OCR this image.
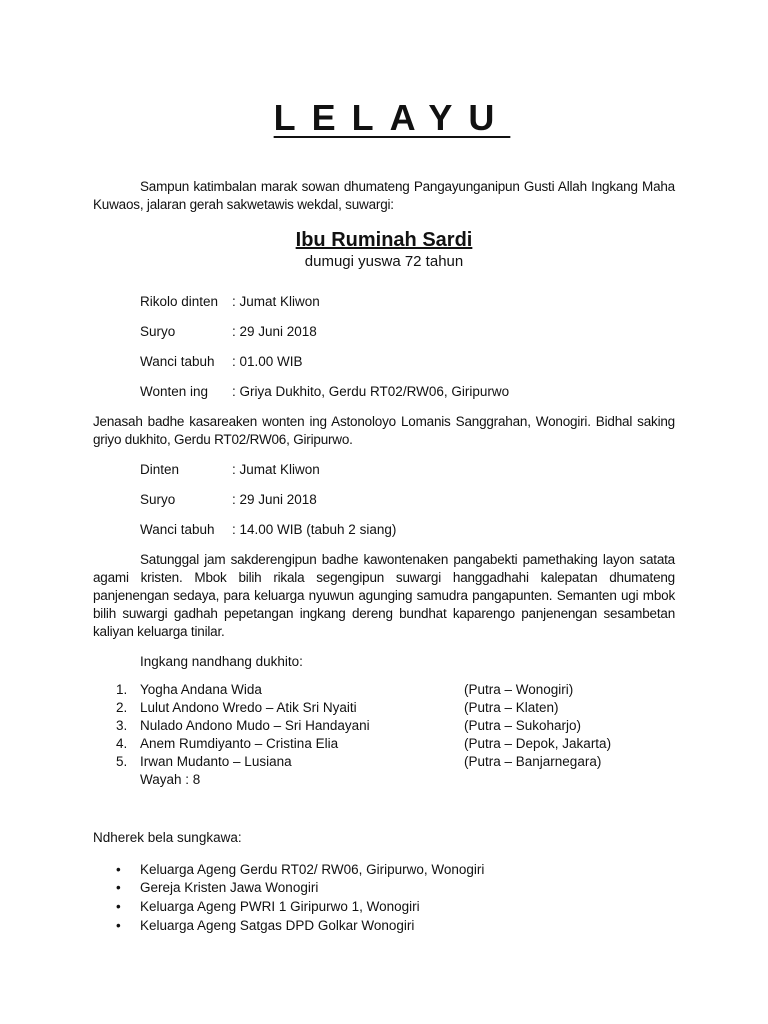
LELAYU
Sampun katimbalan marak sowan dhumateng Pangayunganipun Gusti Allah Ingkang Maha Kuwaos, jalaran gerah sakwetawis wekdal, suwargi:
Ibu Ruminah Sardi
dumugi yuswa 72 tahun
Rikolo dinten : Jumat Kliwon
Suryo	: 29 Juni 2018
Wanci tabuh : 01.00 WIB
Wonten ing : Griya Dukhito, Gerdu RT02/RW06, Giripurwo
Jenasah badhe kasareaken wonten ing Astonoloyo Lomanis Sanggrahan, Wonogiri. Bidhal saking griyo dukhito, Gerdu RT02/RW06, Giripurwo.
Dinten	: Jumat Kliwon
Suryo	: 29 Juni 2018
Wanci tabuh : 14.00 WIB (tabuh 2 siang)
Satunggal jam sakderengipun badhe kawontenaken pangabekti pamethaking layon satata agami kristen. Mbok bilih rikala segengipun suwargi hanggadhahi kalepatan dhumateng panjenengan sedaya, para keluarga nyuwun agunging samudra pangapunten. Semanten ugi mbok bilih suwargi gadhah pepetangan ingkang dereng bundhat kaparengo panjenengan sesambetan kaliyan keluarga tinilar.
Ingkang nandhang dukhito:
1. Yogha Andana Wida	(Putra – Wonogiri)
2. Lulut Andono Wredo – Atik Sri Nyaiti	(Putra – Klaten)
3. Nulado Andono Mudo – Sri Handayani	(Putra – Sukoharjo)
4. Anem Rumdiyanto – Cristina Elia	(Putra – Depok, Jakarta)
5. Irwan Mudanto – Lusiana	(Putra – Banjarnegara)
Wayah : 8
Ndherek bela sungkawa:
• Keluarga Ageng Gerdu RT02/ RW06, Giripurwo, Wonogiri
• Gereja Kristen Jawa Wonogiri
• Keluarga Ageng PWRI 1 Giripurwo 1, Wonogiri
• Keluarga Ageng Satgas DPD Golkar Wonogiri
